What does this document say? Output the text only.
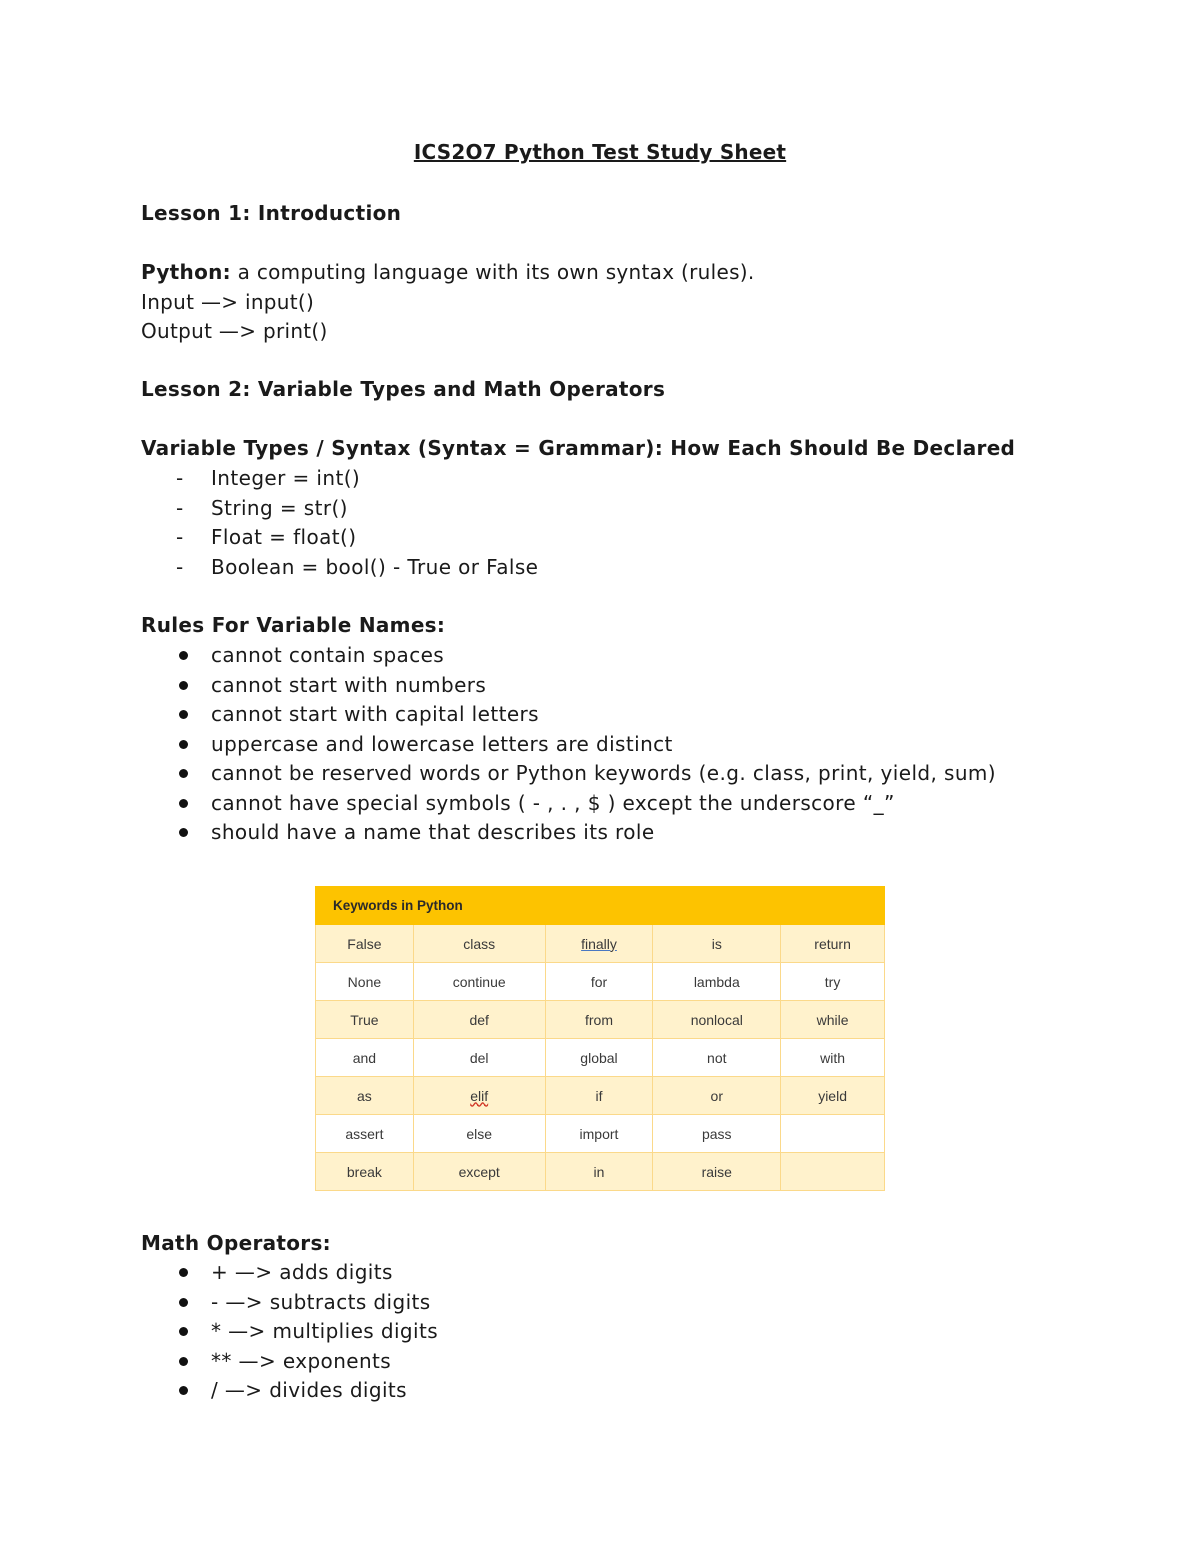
ICS2O7 Python Test Study Sheet
Lesson 1: Introduction
Python: a computing language with its own syntax (rules).
Input —> input()
Output —> print()
Lesson 2: Variable Types and Math Operators
Variable Types / Syntax (Syntax = Grammar): How Each Should Be Declared
-	Integer = int()
-	String = str()
-	Float = float()
-	Boolean = bool() - True or False
Rules For Variable Names:
cannot contain spaces
cannot start with numbers
cannot start with capital letters
uppercase and lowercase letters are distinct
cannot be reserved words or Python keywords (e.g. class, print, yield, sum)
cannot have special symbols ( - , . , $ ) except the underscore “_”
should have a name that describes its role
Keywords in Python				
False	class	finally	is	return
None	continue	for	lambda	try
True	def	from	nonlocal	while
and	del	global	not	with
as	elif	if	or	yield
assert	else	import	pass	
break	except	in	raise	
Math Operators:
+ —> adds digits
- —> subtracts digits
* —> multiplies digits
** —> exponents
/ —> divides digits
